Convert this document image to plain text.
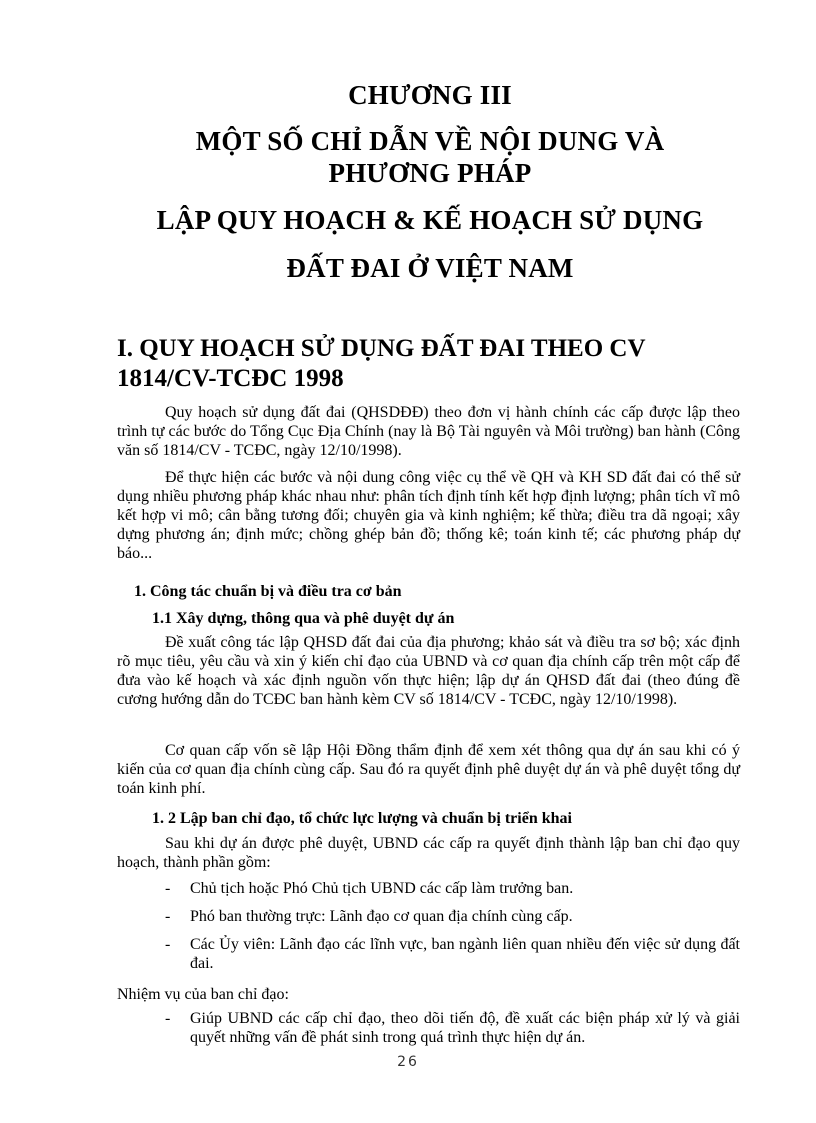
CHƯƠNG III
MỘT SỐ CHỈ DẪN VỀ NỘI DUNG VÀ
PHƯƠNG PHÁP
LẬP QUY HOẠCH & KẾ HOẠCH SỬ DỤNG
ĐẤT ĐAI Ở VIỆT NAM
I. QUY HOẠCH SỬ DỤNG ĐẤT ĐAI THEO CV
1814/CV-TCĐC 1998

Quy hoạch sử dụng đất đai (QHSDĐĐ) theo đơn vị hành chính các cấp được lập theo trình tự các bước do Tổng Cục Địa Chính (nay là Bộ Tài nguyên và Môi trường) ban hành (Công văn số 1814/CV - TCĐC, ngày 12/10/1998).

Để thực hiện các bước và nội dung công việc cụ thể về QH và KH SD đất đai có thể sử dụng nhiều phương pháp khác nhau như: phân tích định tính kết hợp định lượng; phân tích vĩ mô kết hợp vi mô; cân bằng tương đối; chuyên gia và kinh nghiệm; kế thừa; điều tra dã ngoại; xây dựng phương án; định mức; chồng ghép bản đồ; thống kê; toán kinh tế; các phương pháp dự báo...

1. Công tác chuẩn bị và điều tra cơ bản
1.1 Xây dựng, thông qua và phê duyệt dự án

Đề xuất công tác lập QHSD đất đai của địa phương; khảo sát và điều tra sơ bộ; xác định rõ mục tiêu, yêu cầu và xin ý kiến chỉ đạo của UBND và cơ quan địa chính cấp trên một cấp để đưa vào kế hoạch và xác định nguồn vốn thực hiện; lập dự án QHSD đất đai (theo đúng đề cương hướng dẫn do TCĐC ban hành kèm CV số 1814/CV - TCĐC, ngày 12/10/1998).

Cơ quan cấp vốn sẽ lập Hội Đồng thẩm định để xem xét thông qua dự án sau khi có ý kiến của cơ quan địa chính cùng cấp. Sau đó ra quyết định phê duyệt dự án và phê duyệt tổng dự toán kinh phí.

1. 2 Lập ban chỉ đạo, tổ chức lực lượng và chuẩn bị triển khai

Sau khi dự án được phê duyệt, UBND các cấp ra quyết định thành lập ban chỉ đạo quy hoạch, thành phần gồm:

- Chủ tịch hoặc Phó Chủ tịch UBND các cấp làm trưởng ban.
- Phó ban thường trực: Lãnh đạo cơ quan địa chính cùng cấp.
- Các Ủy viên: Lãnh đạo các lĩnh vực, ban ngành liên quan nhiều đến việc sử dụng đất đai.
Nhiệm vụ của ban chỉ đạo:
- Giúp UBND các cấp chỉ đạo, theo dõi tiến độ, đề xuất các biện pháp xử lý và giải quyết những vấn đề phát sinh trong quá trình thực hiện dự án.
26
